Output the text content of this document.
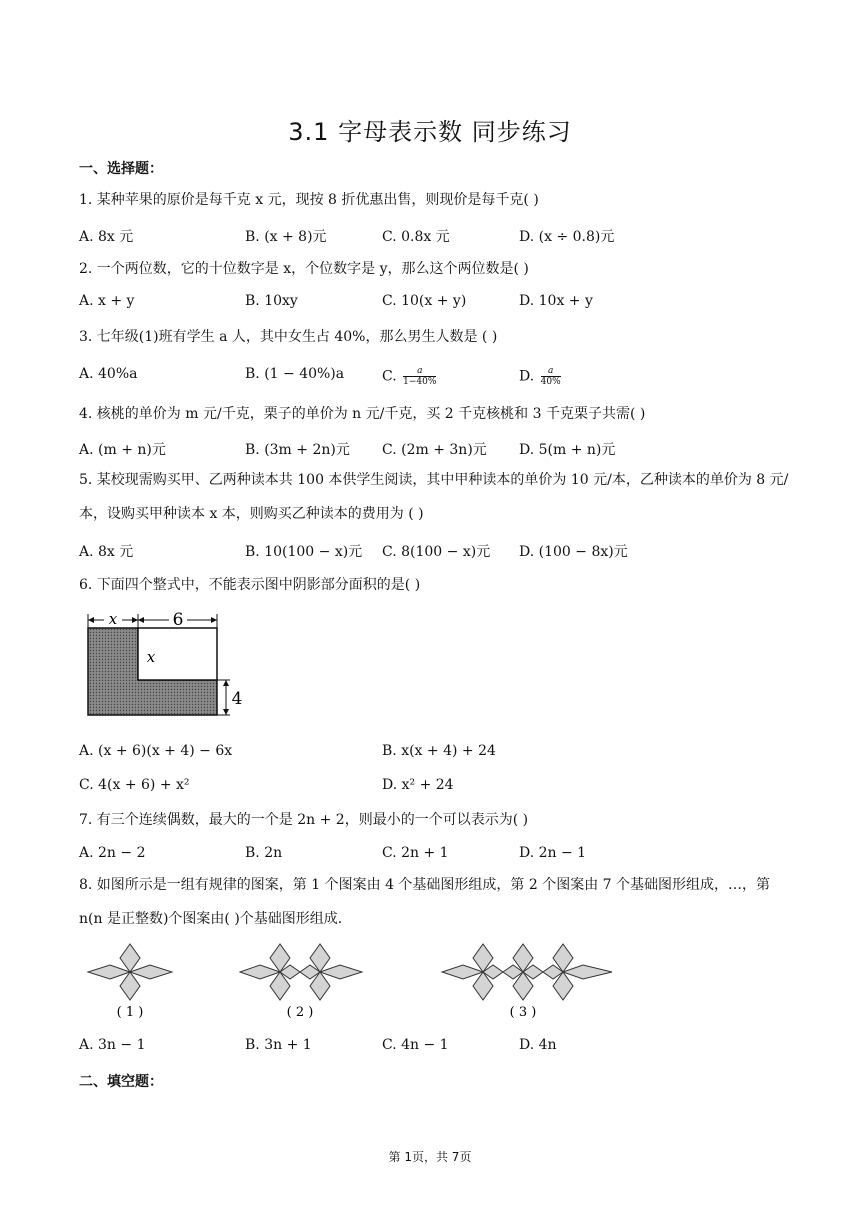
3.1 字母表示数 同步练习
一、选择题：
1. 某种苹果的原价是每千克 x 元，现按 8 折优惠出售，则现价是每千克( )
A. 8x 元	B. (x + 8)元	C. 0.8x 元	D. (x ÷ 0.8)元
2. 一个两位数，它的十位数字是 x，个位数字是 y，那么这个两位数是( )
A. x + y	B. 10xy	C. 10(x + y)	D. 10x + y
3. 七年级(1)班有学生 a 人，其中女生占 40%，那么男生人数是 ( )
A. 40%a	B. (1 − 40%)a	C. $\frac{a}{1-40\%}$	D. $\frac{a}{40\%}$
4. 核桃的单价为 m 元/千克，栗子的单价为 n 元/千克，买 2 千克核桃和 3 千克栗子共需( )
A. (m + n)元	B. (3m + 2n)元 C. (2m + 3n)元 D. 5(m + n)元
5. 某校现需购买甲、乙两种读本共 100 本供学生阅读，其中甲种读本的单价为 10 元/本，乙种读本的单价为 8 元/本，设购买甲种读本 x 本，则购买乙种读本的费用为 ( )
A. 8x 元	B. 10(100 − x)元 C. 8(100 − x)元 D. (100 − 8x)元
6. 下面四个整式中，不能表示图中阴影部分面积的是( )
x	6
x
4
A. (x + 6)(x + 4) − 6x	B. x(x + 4) + 24
C. 4(x + 6) + x²	D. x² + 24
7. 有三个连续偶数，最大的一个是 2n + 2，则最小的一个可以表示为( )
A. 2n − 2	B. 2n	C. 2n + 1	D. 2n − 1
8. 如图所示是一组有规律的图案，第 1 个图案由 4 个基础图形组成，第 2 个图案由 7 个基础图形组成，…，第 n(n 是正整数)个图案由( )个基础图形组成.
( 1 )	( 2 )	( 3 )
A. 3n − 1	B. 3n + 1	C. 4n − 1	D. 4n
二、填空题：
第 1页，共 7页
